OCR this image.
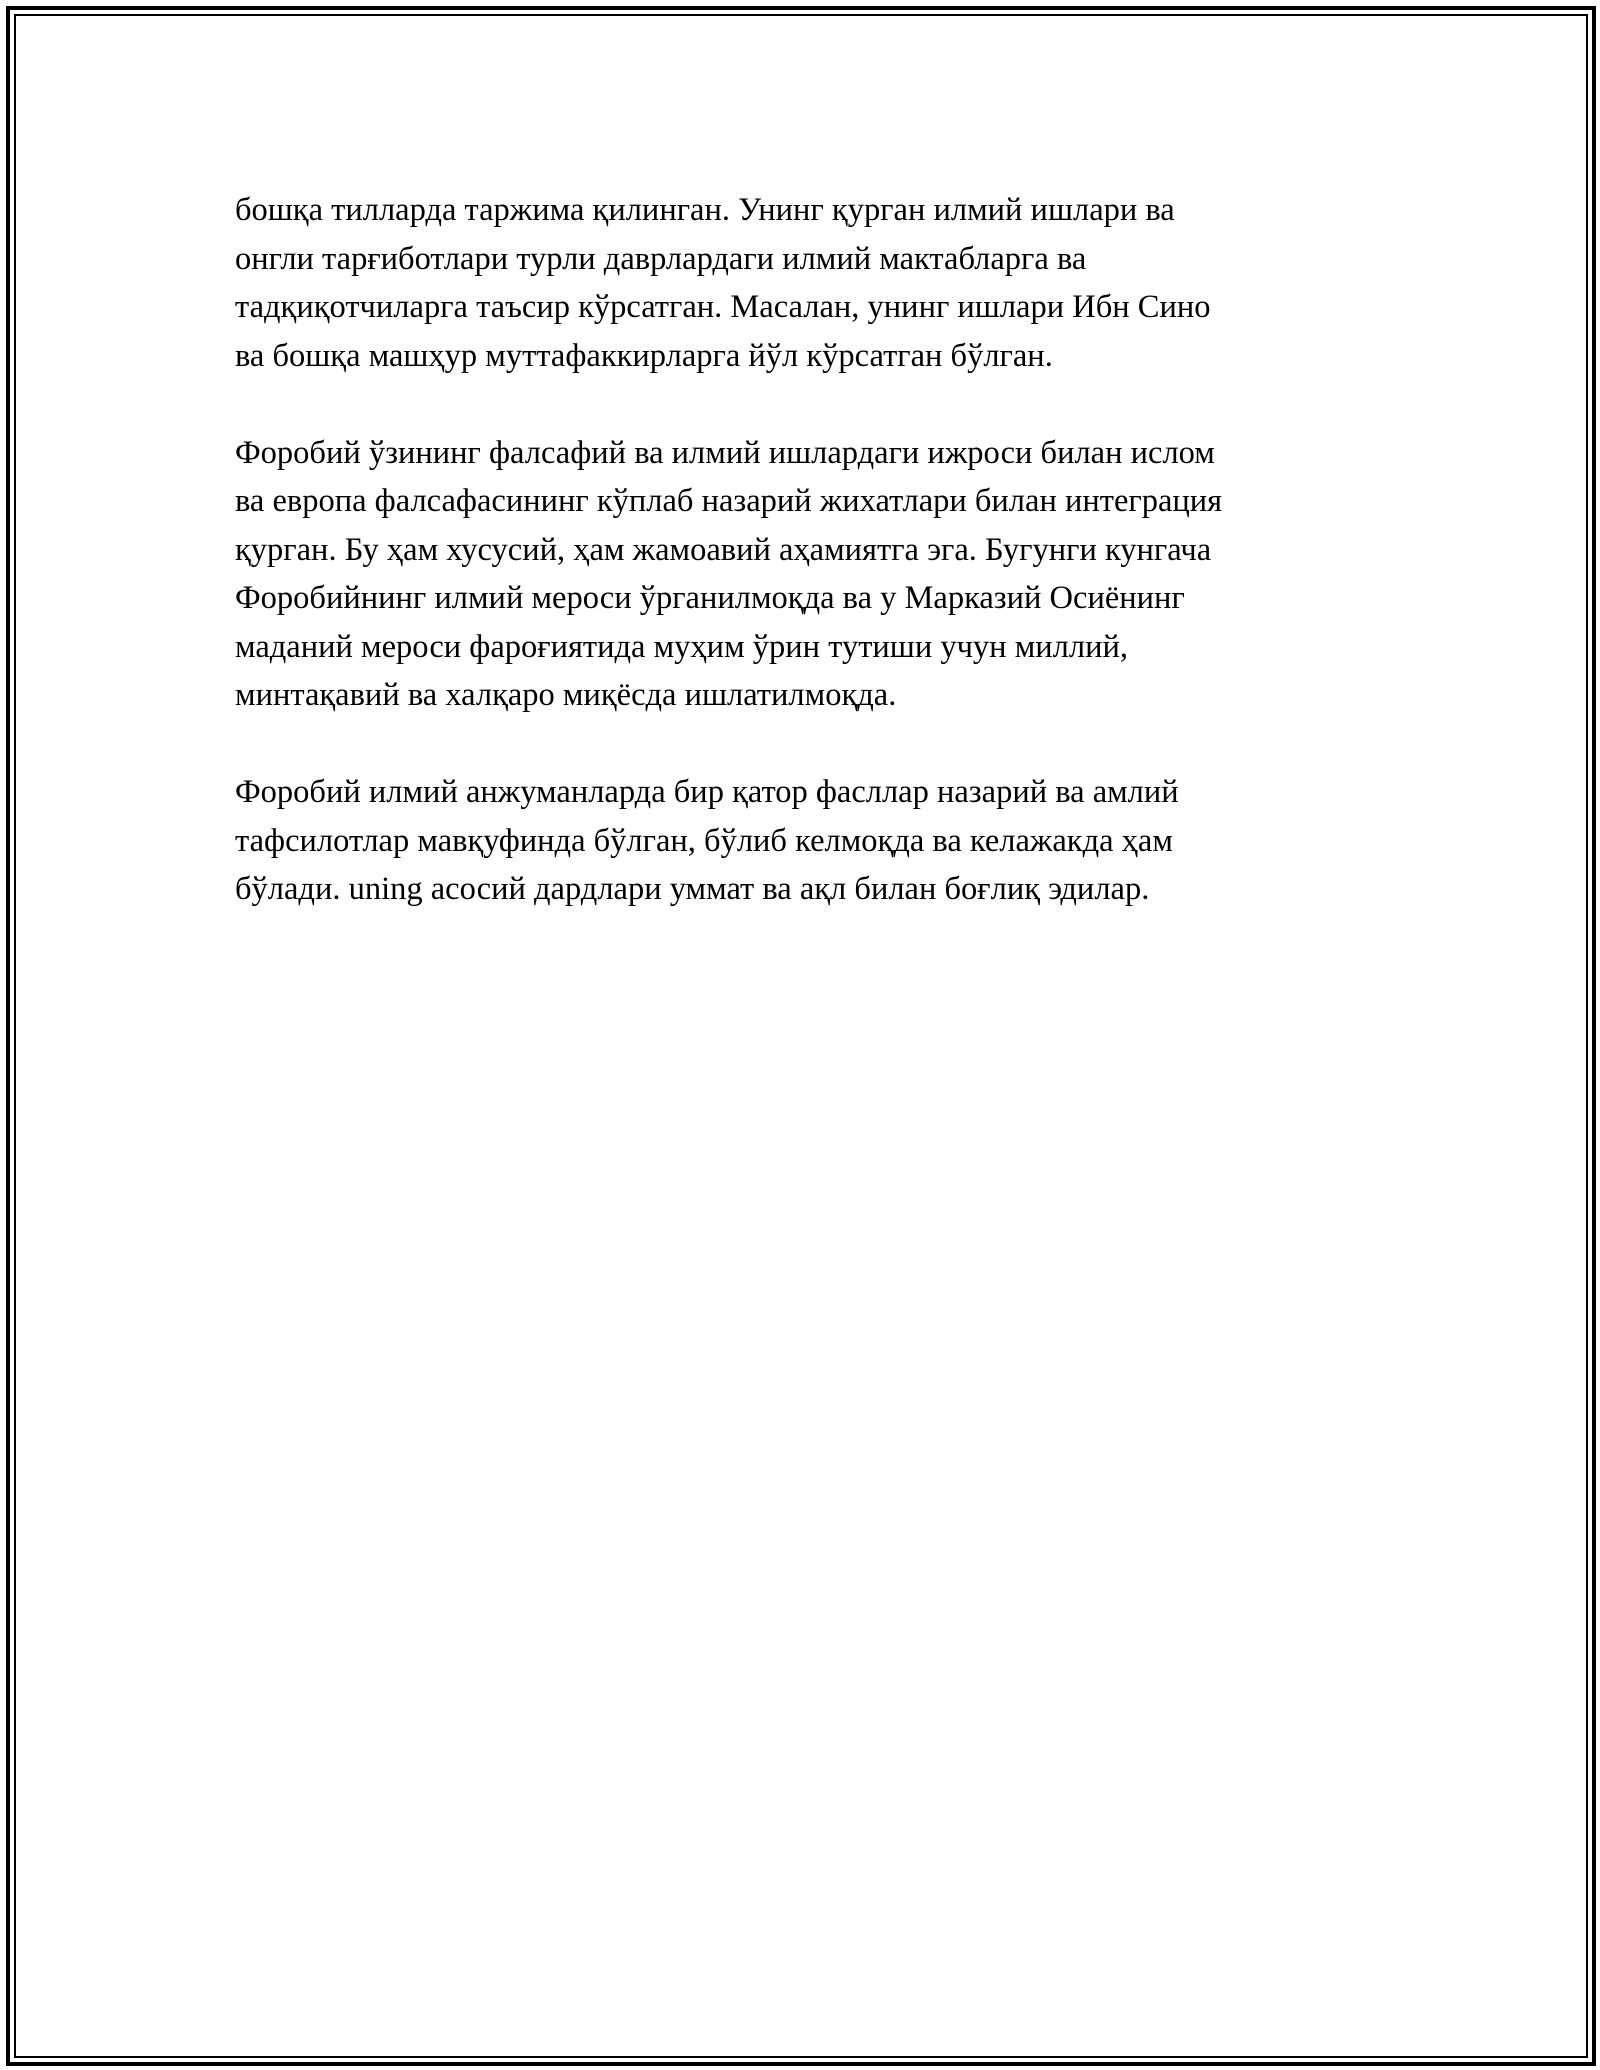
бошқа тилларда таржима қилинган. Унинг қурган илмий ишлари ва
онгли тарғиботлари турли даврлардаги илмий мактабларга ва
тадқиқотчиларга таъсир кўрсатган. Масалан, унинг ишлари Ибн Сино
ва бошқа машҳур муттафаккирларга йўл кўрсатган бўлган.

Форобий ўзининг фалсафий ва илмий ишлардаги ижроси билан ислом
ва европа фалсафасининг кўплаб назарий жихатлари билан интеграция
қурган. Бу ҳам хусусий, ҳам жамоавий аҳамиятга эга. Бугунги кунгача
Форобийнинг илмий мероси ўрганилмоқда ва у Марказий Осиёнинг
маданий мероси фароғиятида муҳим ўрин тутиши учун миллий,
минтақавий ва халқаро миқёсда ишлатилмоқда.

Форобий илмий анжуманларда бир қатор фасллар назарий ва амлий
тафсилотлар мавқуфинда бўлган, бўлиб келмоқда ва келажакда ҳам
бўлади. uning асосий дардлари уммат ва ақл билан боғлиқ эдилар.
